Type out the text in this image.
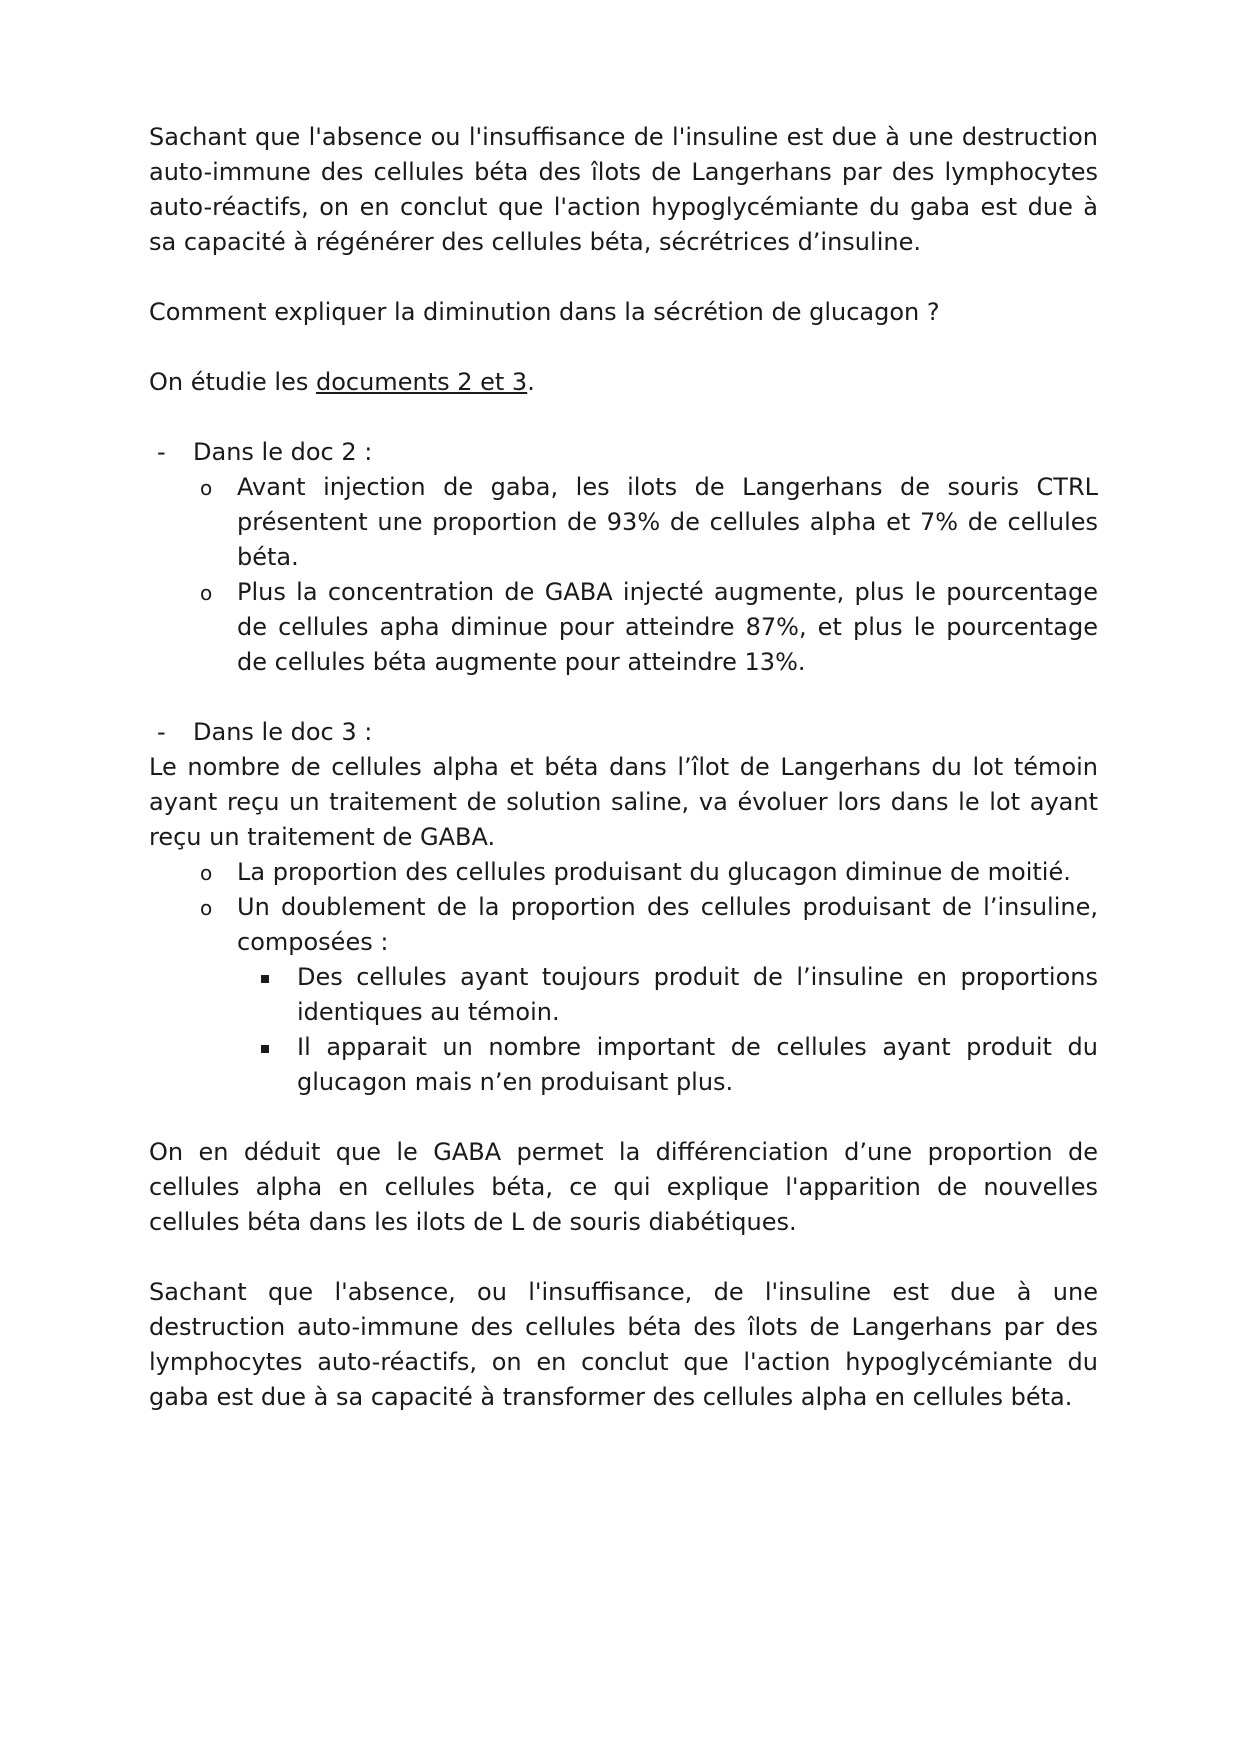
Sachant que l'absence ou l'insuffisance de l'insuline est due à une destruction auto-immune des cellules béta des îlots de Langerhans par des lymphocytes auto-réactifs, on en conclut que l'action hypoglycémiante du gaba est due à sa capacité à régénérer des cellules béta, sécrétrices d’insuline.

Comment expliquer la diminution dans la sécrétion de glucagon ?

On étudie les documents 2 et 3.

- Dans le doc 2 :
o Avant injection de gaba, les ilots de Langerhans de souris CTRL présentent une proportion de 93% de cellules alpha et 7% de cellules béta.
o Plus la concentration de GABA injecté augmente, plus le pourcentage de cellules apha diminue pour atteindre 87%, et plus le pourcentage de cellules béta augmente pour atteindre 13%.
- Dans le doc 3 :

Le nombre de cellules alpha et béta dans l’îlot de Langerhans du lot témoin ayant reçu un traitement de solution saline, va évoluer lors dans le lot ayant reçu un traitement de GABA.

o La proportion des cellules produisant du glucagon diminue de moitié.
o Un doublement de la proportion des cellules produisant de l’insuline, composées :
Des cellules ayant toujours produit de l’insuline en proportions identiques au témoin.
Il apparait un nombre important de cellules ayant produit du glucagon mais n’en produisant plus.

On en déduit que le GABA permet la différenciation d’une proportion de cellules alpha en cellules béta, ce qui explique l'apparition de nouvelles cellules béta dans les ilots de L de souris diabétiques.

Sachant que l'absence, ou l'insuffisance, de l'insuline est due à une destruction auto-immune des cellules béta des îlots de Langerhans par des lymphocytes auto-réactifs, on en conclut que l'action hypoglycémiante du gaba est due à sa capacité à transformer des cellules alpha en cellules béta.
